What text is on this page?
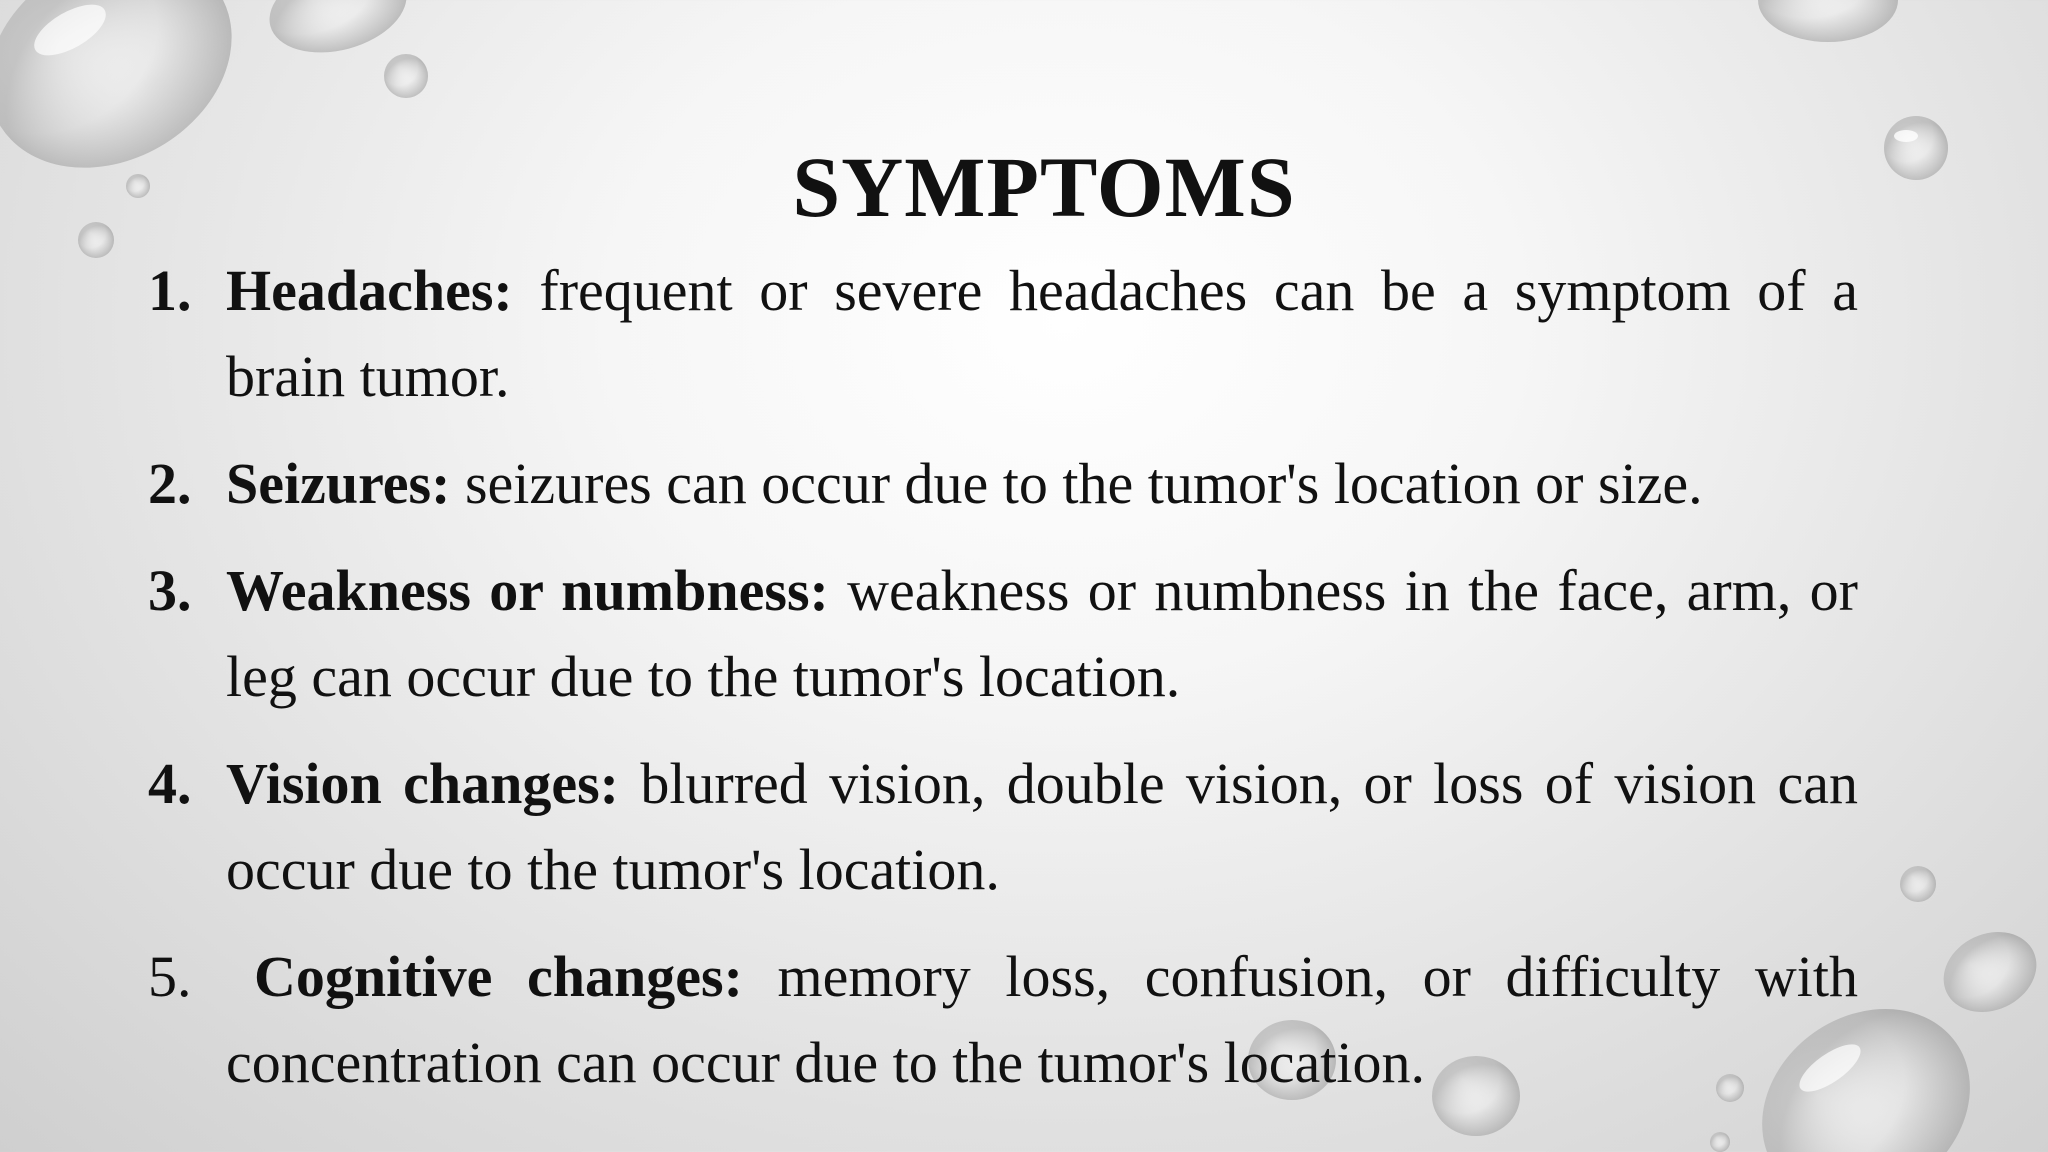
SYMPTOMS
1. Headaches: frequent or severe headaches can be a symptom of a brain tumor.
2. Seizures: seizures can occur due to the tumor's location or size.
3. Weakness or numbness: weakness or numbness in the face, arm, or leg can occur due to the tumor's location.
4. Vision changes: blurred vision, double vision, or loss of vision can occur due to the tumor's location.
5. Cognitive changes: memory loss, confusion, or difficulty with concentration can occur due to the tumor's location.
